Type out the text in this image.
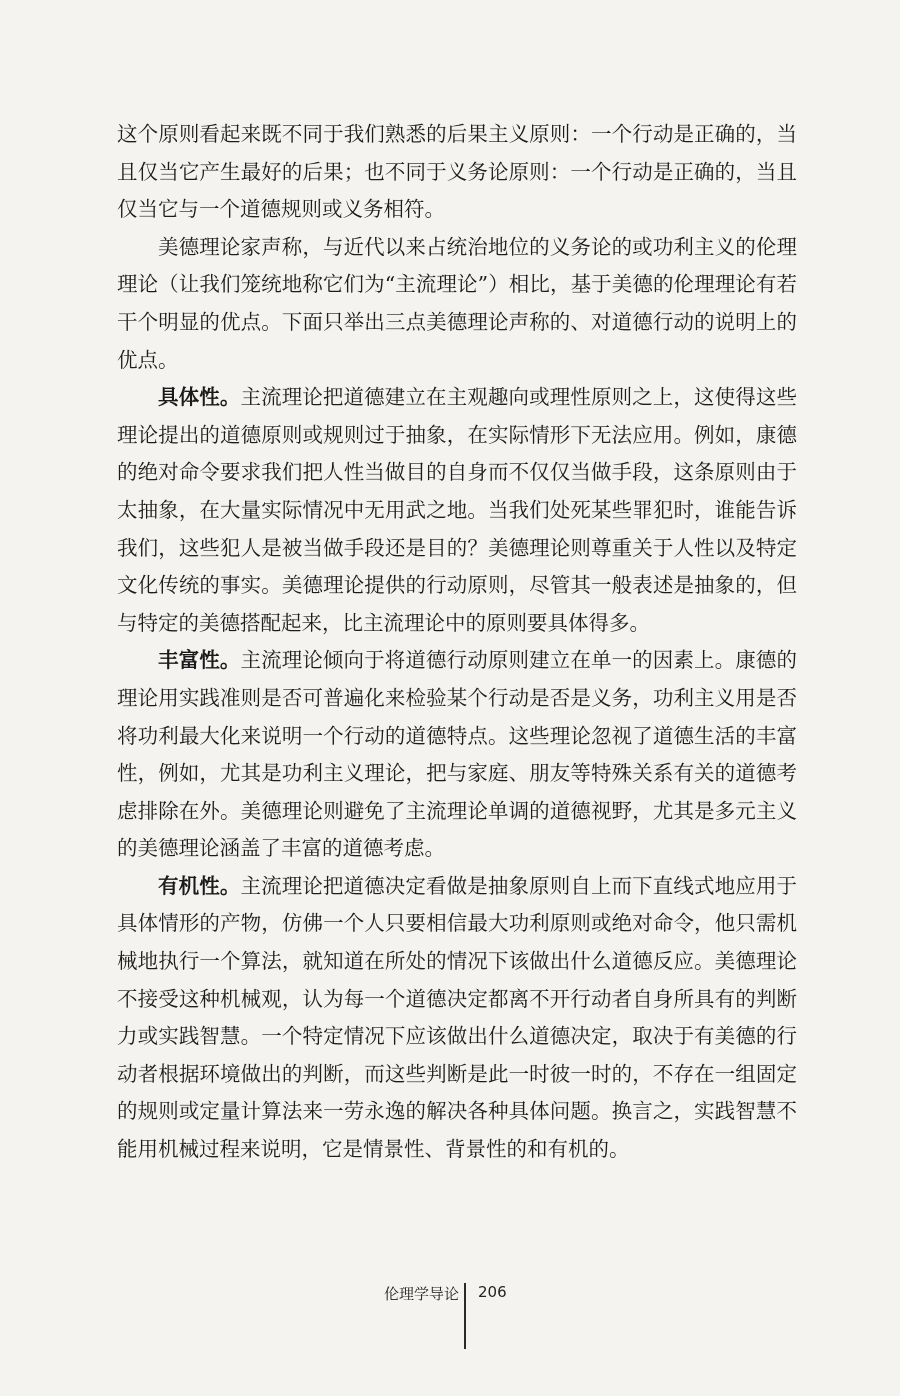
这个原则看起来既不同于我们熟悉的后果主义原则：一个行动是正确的，当且仅当它产生最好的后果；也不同于义务论原则：一个行动是正确的，当且仅当它与一个道德规则或义务相符。

美德理论家声称，与近代以来占统治地位的义务论的或功利主义的伦理理论（让我们笼统地称它们为“主流理论”）相比，基于美德的伦理理论有若干个明显的优点。下面只举出三点美德理论声称的、对道德行动的说明上的优点。

具体性。主流理论把道德建立在主观趣向或理性原则之上，这使得这些理论提出的道德原则或规则过于抽象，在实际情形下无法应用。例如，康德的绝对命令要求我们把人性当做目的自身而不仅仅当做手段，这条原则由于太抽象，在大量实际情况中无用武之地。当我们处死某些罪犯时，谁能告诉我们，这些犯人是被当做手段还是目的？美德理论则尊重关于人性以及特定文化传统的事实。美德理论提供的行动原则，尽管其一般表述是抽象的，但与特定的美德搭配起来，比主流理论中的原则要具体得多。

丰富性。主流理论倾向于将道德行动原则建立在单一的因素上。康德的理论用实践准则是否可普遍化来检验某个行动是否是义务，功利主义用是否将功利最大化来说明一个行动的道德特点。这些理论忽视了道德生活的丰富性，例如，尤其是功利主义理论，把与家庭、朋友等特殊关系有关的道德考虑排除在外。美德理论则避免了主流理论单调的道德视野，尤其是多元主义的美德理论涵盖了丰富的道德考虑。

有机性。主流理论把道德决定看做是抽象原则自上而下直线式地应用于具体情形的产物，仿佛一个人只要相信最大功利原则或绝对命令，他只需机械地执行一个算法，就知道在所处的情况下该做出什么道德反应。美德理论不接受这种机械观，认为每一个道德决定都离不开行动者自身所具有的判断力或实践智慧。一个特定情况下应该做出什么道德决定，取决于有美德的行动者根据环境做出的判断，而这些判断是此一时彼一时的，不存在一组固定的规则或定量计算法来一劳永逸的解决各种具体问题。换言之，实践智慧不能用机械过程来说明，它是情景性、背景性的和有机的。

伦理学导论 206
